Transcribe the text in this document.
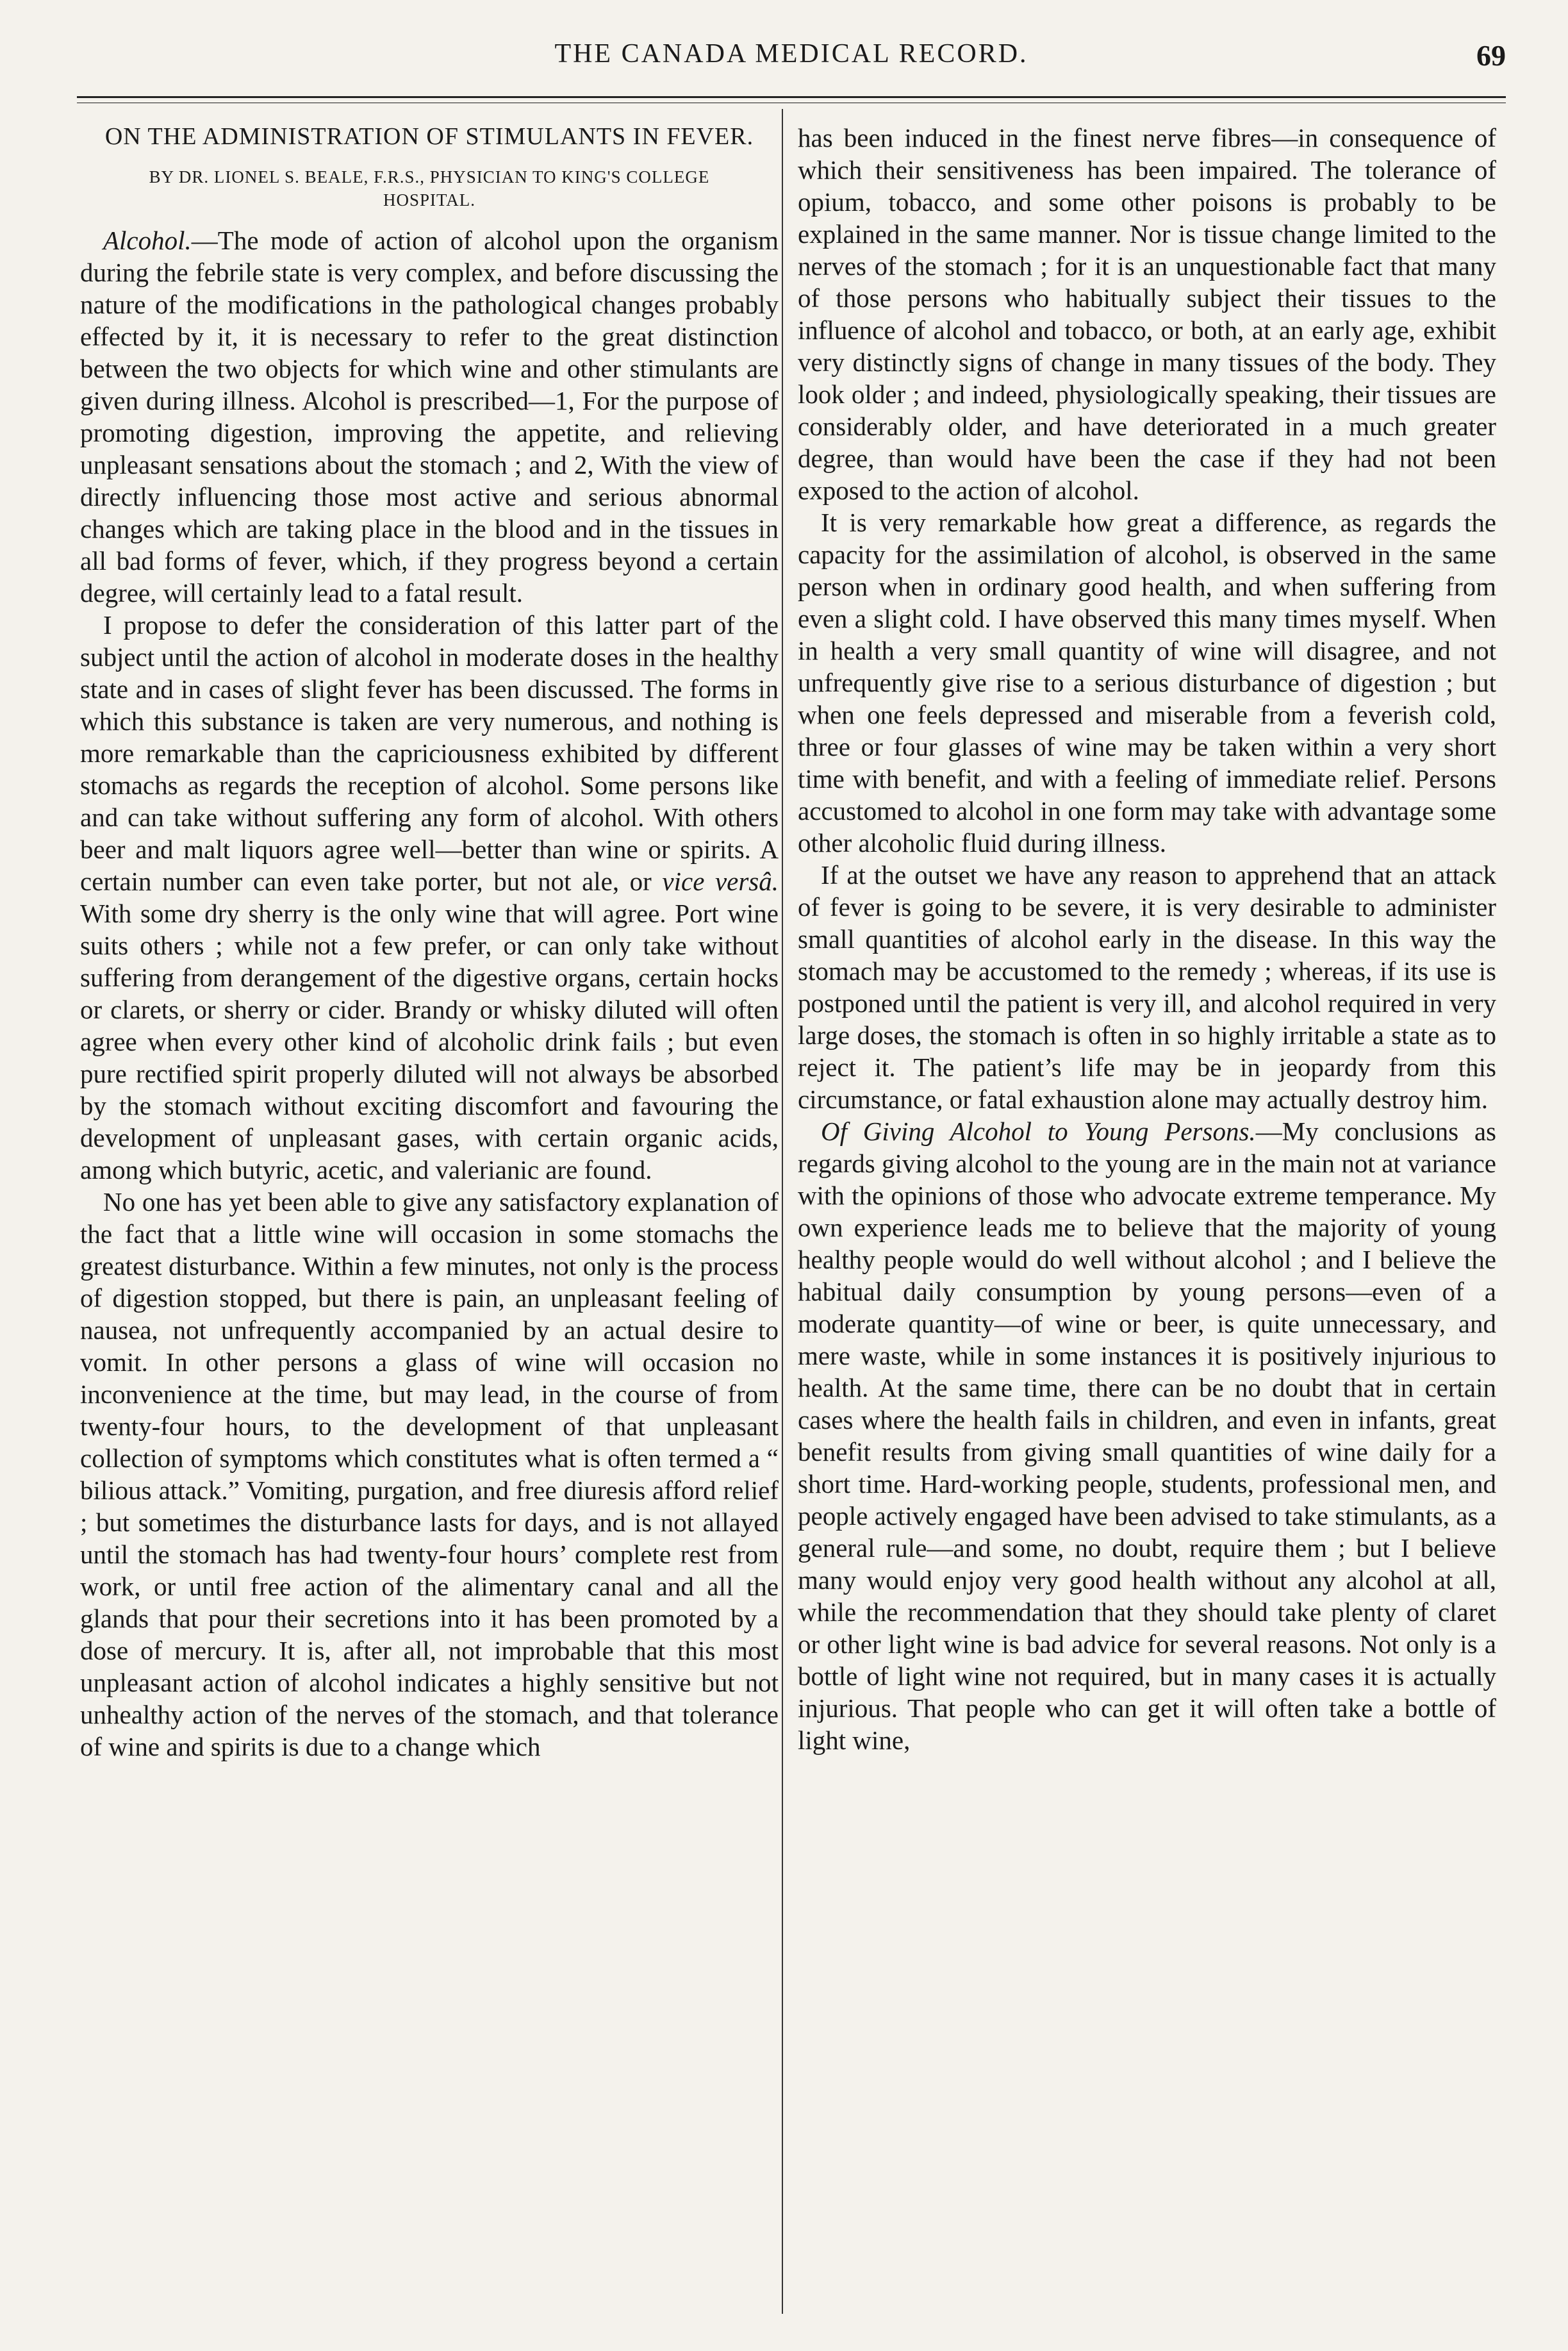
THE CANADA MEDICAL RECORD.	69
ON THE ADMINISTRATION OF STIMULANTS IN FEVER.
BY DR. LIONEL S. BEALE, F.R.S., PHYSICIAN TO KING'S COLLEGE HOSPITAL.

Alcohol.—The mode of action of alcohol upon the organism during the febrile state is very complex, and before discussing the nature of the modifications in the pathological changes probably effected by it, it is necessary to refer to the great distinction between the two objects for which wine and other stimulants are given during illness. Alcohol is prescribed—1, For the purpose of promoting digestion, improving the appetite, and relieving unpleasant sensations about the stomach ; and 2, With the view of directly influencing those most active and serious abnormal changes which are taking place in the blood and in the tissues in all bad forms of fever, which, if they progress beyond a certain degree, will certainly lead to a fatal result.

I propose to defer the consideration of this latter part of the subject until the action of alcohol in moderate doses in the healthy state and in cases of slight fever has been discussed. The forms in which this substance is taken are very numerous, and nothing is more remarkable than the capriciousness exhibited by different stomachs as regards the reception of alcohol. Some persons like and can take without suffering any form of alcohol. With others beer and malt liquors agree well—better than wine or spirits. A certain number can even take porter, but not ale, or vice versâ. With some dry sherry is the only wine that will agree. Port wine suits others ; while not a few prefer, or can only take without suffering from derangement of the digestive organs, certain hocks or clarets, or sherry or cider. Brandy or whisky diluted will often agree when every other kind of alcoholic drink fails ; but even pure rectified spirit properly diluted will not always be absorbed by the stomach without exciting discomfort and favouring the development of unpleasant gases, with certain organic acids, among which butyric, acetic, and valerianic are found.

No one has yet been able to give any satisfactory explanation of the fact that a little wine will occasion in some stomachs the greatest disturbance. Within a few minutes, not only is the process of digestion stopped, but there is pain, an unpleasant feeling of nausea, not unfrequently accompanied by an actual desire to vomit. In other persons a glass of wine will occasion no inconvenience at the time, but may lead, in the course of from twenty-four hours, to the development of that unpleasant collection of symptoms which constitutes what is often termed a “ bilious attack.” Vomiting, purgation, and free diuresis afford relief ; but sometimes the disturbance lasts for days, and is not allayed until the stomach has had twenty-four hours’ complete rest from work, or until free action of the alimentary canal and all the glands that pour their secretions into it has been promoted by a dose of mercury. It is, after all, not improbable that this most unpleasant action of alcohol indicates a highly sensitive but not unhealthy action of the nerves of the stomach, and that tolerance of wine and spirits is due to a change which

has been induced in the finest nerve fibres—in consequence of which their sensitiveness has been impaired. The tolerance of opium, tobacco, and some other poisons is probably to be explained in the same manner. Nor is tissue change limited to the nerves of the stomach ; for it is an unquestionable fact that many of those persons who habitually subject their tissues to the influence of alcohol and tobacco, or both, at an early age, exhibit very distinctly signs of change in many tissues of the body. They look older ; and indeed, physiologically speaking, their tissues are considerably older, and have deteriorated in a much greater degree, than would have been the case if they had not been exposed to the action of alcohol.

It is very remarkable how great a difference, as regards the capacity for the assimilation of alcohol, is observed in the same person when in ordinary good health, and when suffering from even a slight cold. I have observed this many times myself. When in health a very small quantity of wine will disagree, and not unfrequently give rise to a serious disturbance of digestion ; but when one feels depressed and miserable from a feverish cold, three or four glasses of wine may be taken within a very short time with benefit, and with a feeling of immediate relief. Persons accustomed to alcohol in one form may take with advantage some other alcoholic fluid during illness.

If at the outset we have any reason to apprehend that an attack of fever is going to be severe, it is very desirable to administer small quantities of alcohol early in the disease. In this way the stomach may be accustomed to the remedy ; whereas, if its use is postponed until the patient is very ill, and alcohol required in very large doses, the stomach is often in so highly irritable a state as to reject it. The patient’s life may be in jeopardy from this circumstance, or fatal exhaustion alone may actually destroy him.

Of Giving Alcohol to Young Persons.—My conclusions as regards giving alcohol to the young are in the main not at variance with the opinions of those who advocate extreme temperance. My own experience leads me to believe that the majority of young healthy people would do well without alcohol ; and I believe the habitual daily consumption by young persons—even of a moderate quantity—of wine or beer, is quite unnecessary, and mere waste, while in some instances it is positively injurious to health. At the same time, there can be no doubt that in certain cases where the health fails in children, and even in infants, great benefit results from giving small quantities of wine daily for a short time. Hard-working people, students, professional men, and people actively engaged have been advised to take stimulants, as a general rule—and some, no doubt, require them ; but I believe many would enjoy very good health without any alcohol at all, while the recommendation that they should take plenty of claret or other light wine is bad advice for several reasons. Not only is a bottle of light wine not required, but in many cases it is actually injurious. That people who can get it will often take a bottle of light wine,
